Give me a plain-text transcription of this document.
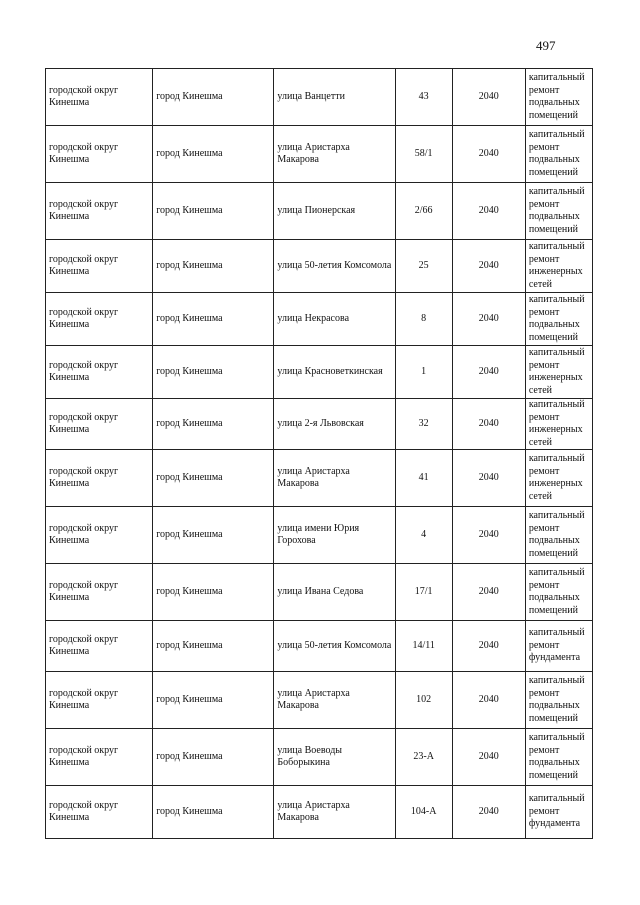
497
городской округ Кинешма	город Кинешма	улица Ванцетти	43	2040	капитальный ремонт подвальных помещений

городской округ Кинешма	город Кинешма	улица Аристарха Макарова	58/1	2040	капитальный ремонт подвальных помещений

городской округ Кинешма	город Кинешма	улица Пионерская	2/66	2040	капитальный ремонт подвальных помещений

городской округ Кинешма	город Кинешма	улица 50-летия Комсомола	25	2040	капитальный ремонт инженерных сетей

городской округ Кинешма	город Кинешма	улица Некрасова	8	2040	капитальный ремонт подвальных помещений

городской округ Кинешма	город Кинешма	улица Красноветкинская	1	2040	капитальный ремонт инженерных сетей

городской округ Кинешма	город Кинешма	улица 2-я Львовская	32	2040	капитальный ремонт инженерных сетей

городской округ Кинешма	город Кинешма	улица Аристарха Макарова	41	2040	капитальный ремонт инженерных сетей

городской округ Кинешма	город Кинешма	улица имени Юрия Горохова	4	2040	капитальный ремонт подвальных помещений

городской округ Кинешма	город Кинешма	улица Ивана Седова	17/1	2040	капитальный ремонт подвальных помещений

городской округ Кинешма	город Кинешма	улица 50-летия Комсомола	14/11	2040	капитальный ремонт фундамента

городской округ Кинешма	город Кинешма	улица Аристарха Макарова	102	2040	капитальный ремонт подвальных помещений

городской округ Кинешма	город Кинешма	улица Воеводы Боборыкина	23-А	2040	капитальный ремонт подвальных помещений

городской округ Кинешма	город Кинешма	улица Аристарха Макарова	104-А	2040	капитальный ремонт фундамента
